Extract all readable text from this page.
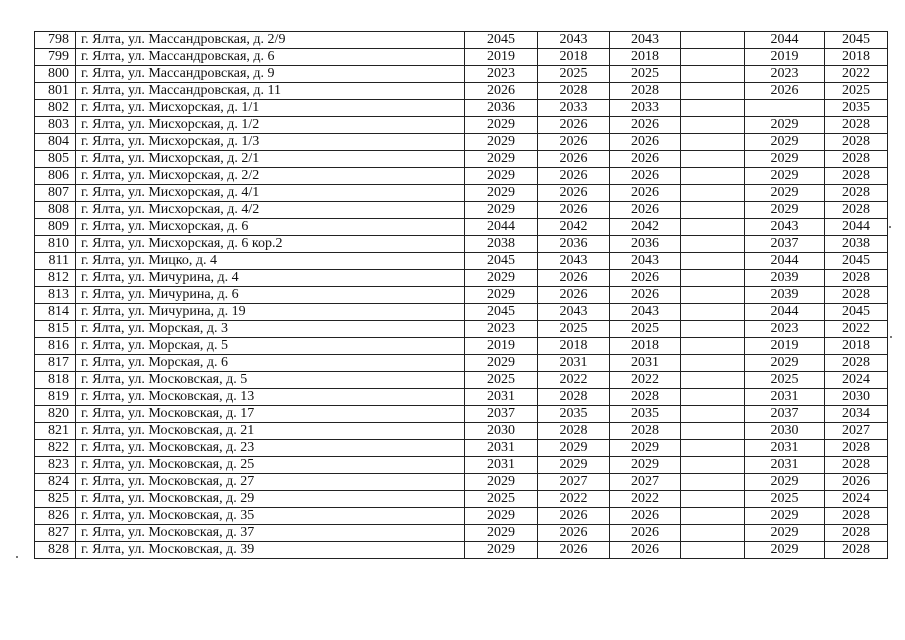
798	г. Ялта, ул. Массандровская, д. 2/9	2045	2043	2043		2044	2045
799	г. Ялта, ул. Массандровская, д. 6	2019	2018	2018		2019	2018
800	г. Ялта, ул. Массандровская, д. 9	2023	2025	2025		2023	2022
801	г. Ялта, ул. Массандровская, д. 11	2026	2028	2028		2026	2025
802	г. Ялта, ул. Мисхорская, д. 1/1	2036	2033	2033			2035
803	г. Ялта, ул. Мисхорская, д. 1/2	2029	2026	2026		2029	2028
804	г. Ялта, ул. Мисхорская, д. 1/3	2029	2026	2026		2029	2028
805	г. Ялта, ул. Мисхорская, д. 2/1	2029	2026	2026		2029	2028
806	г. Ялта, ул. Мисхорская, д. 2/2	2029	2026	2026		2029	2028
807	г. Ялта, ул. Мисхорская, д. 4/1	2029	2026	2026		2029	2028
808	г. Ялта, ул. Мисхорская, д. 4/2	2029	2026	2026		2029	2028
809	г. Ялта, ул. Мисхорская, д. 6	2044	2042	2042		2043	2044
810	г. Ялта, ул. Мисхорская, д. 6 кор.2	2038	2036	2036		2037	2038
811	г. Ялта, ул. Мицко, д. 4	2045	2043	2043		2044	2045
812	г. Ялта, ул. Мичурина, д. 4	2029	2026	2026		2039	2028
813	г. Ялта, ул. Мичурина, д. 6	2029	2026	2026		2039	2028
814	г. Ялта, ул. Мичурина, д. 19	2045	2043	2043		2044	2045
815	г. Ялта, ул. Морская, д. 3	2023	2025	2025		2023	2022
816	г. Ялта, ул. Морская, д. 5	2019	2018	2018		2019	2018
817	г. Ялта, ул. Морская, д. 6	2029	2031	2031		2029	2028
818	г. Ялта, ул. Московская, д. 5	2025	2022	2022		2025	2024
819	г. Ялта, ул. Московская, д. 13	2031	2028	2028		2031	2030
820	г. Ялта, ул. Московская, д. 17	2037	2035	2035		2037	2034
821	г. Ялта, ул. Московская, д. 21	2030	2028	2028		2030	2027
822	г. Ялта, ул. Московская, д. 23	2031	2029	2029		2031	2028
823	г. Ялта, ул. Московская, д. 25	2031	2029	2029		2031	2028
824	г. Ялта, ул. Московская, д. 27	2029	2027	2027		2029	2026
825	г. Ялта, ул. Московская, д. 29	2025	2022	2022		2025	2024
826	г. Ялта, ул. Московская, д. 35	2029	2026	2026		2029	2028
827	г. Ялта, ул. Московская, д. 37	2029	2026	2026		2029	2028
828	г. Ялта, ул. Московская, д. 39	2029	2026	2026		2029	2028
